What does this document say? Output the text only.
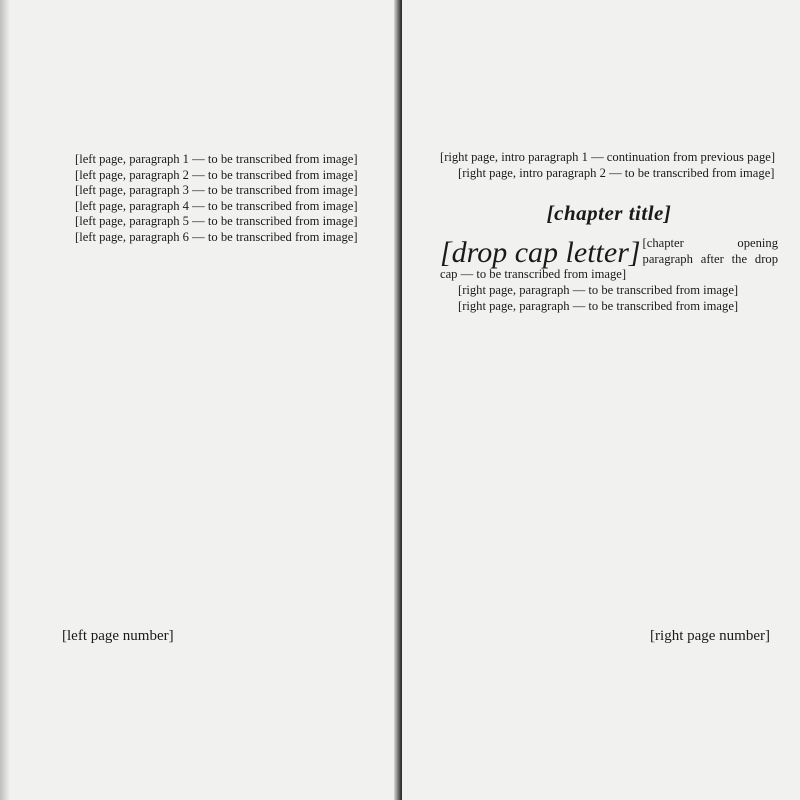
[left page, paragraph 1 — to be transcribed from image]

[left page, paragraph 2 — to be transcribed from image]

[left page, paragraph 3 — to be transcribed from image]

[left page, paragraph 4 — to be transcribed from image]

[left page, paragraph 5 — to be transcribed from image]

[left page, paragraph 6 — to be transcribed from image]

[left page number]

[right page, intro paragraph 1 — continuation from previous page]

[right page, intro paragraph 2 — to be transcribed from image]

[chapter title]

[drop cap letter] [chapter opening paragraph after the drop cap — to be transcribed from image]

[right page, paragraph — to be transcribed from image]

[right page, paragraph — to be transcribed from image]

[right page number]
